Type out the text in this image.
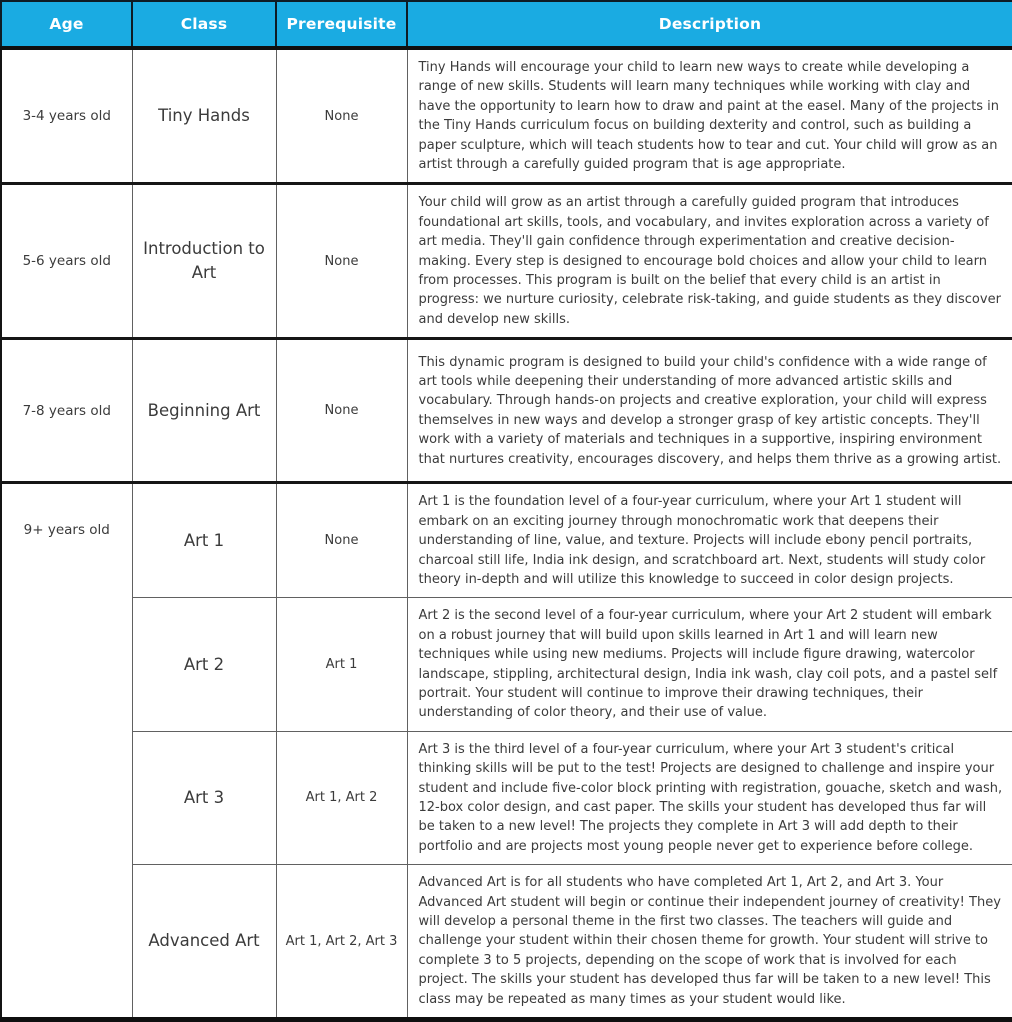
Age	Class	Prerequisite	Description
3-4 years old	Tiny Hands	None	Tiny Hands will encourage your child to learn new ways to create while developing a range of new skills. Students will learn many techniques while working with clay and have the opportunity to learn how to draw and paint at the easel. Many of the projects in the Tiny Hands curriculum focus on building dexterity and control, such as building a paper sculpture, which will teach students how to tear and cut. Your child will grow as an artist through a carefully guided program that is age appropriate.
5-6 years old	Introduction to Art	None	Your child will grow as an artist through a carefully guided program that introduces foundational art skills, tools, and vocabulary, and invites exploration across a variety of art media. They'll gain confidence through experimentation and creative decision-making. Every step is designed to encourage bold choices and allow your child to learn from processes. This program is built on the belief that every child is an artist in progress: we nurture curiosity, celebrate risk-taking, and guide students as they discover and develop new skills.
7-8 years old	Beginning Art	None	This dynamic program is designed to build your child's confidence with a wide range of art tools while deepening their understanding of more advanced artistic skills and vocabulary. Through hands-on projects and creative exploration, your child will express themselves in new ways and develop a stronger grasp of key artistic concepts. They'll work with a variety of materials and techniques in a supportive, inspiring environment that nurtures creativity, encourages discovery, and helps them thrive as a growing artist.
9+ years old	Art 1	None	Art 1 is the foundation level of a four-year curriculum, where your Art 1 student will embark on an exciting journey through monochromatic work that deepens their understanding of line, value, and texture. Projects will include ebony pencil portraits, charcoal still life, India ink design, and scratchboard art. Next, students will study color theory in-depth and will utilize this knowledge to succeed in color design projects.
	Art 2	Art 1	Art 2 is the second level of a four-year curriculum, where your Art 2 student will embark on a robust journey that will build upon skills learned in Art 1 and will learn new techniques while using new mediums. Projects will include figure drawing, watercolor landscape, stippling, architectural design, India ink wash, clay coil pots, and a pastel self portrait. Your student will continue to improve their drawing techniques, their understanding of color theory, and their use of value.
	Art 3	Art 1, Art 2	Art 3 is the third level of a four-year curriculum, where your Art 3 student's critical thinking skills will be put to the test! Projects are designed to challenge and inspire your student and include five-color block printing with registration, gouache, sketch and wash, 12-box color design, and cast paper. The skills your student has developed thus far will be taken to a new level! The projects they complete in Art 3 will add depth to their portfolio and are projects most young people never get to experience before college.
	Advanced Art	Art 1, Art 2, Art 3	Advanced Art is for all students who have completed Art 1, Art 2, and Art 3. Your Advanced Art student will begin or continue their independent journey of creativity! They will develop a personal theme in the first two classes. The teachers will guide and challenge your student within their chosen theme for growth. Your student will strive to complete 3 to 5 projects, depending on the scope of work that is involved for each project. The skills your student has developed thus far will be taken to a new level! This class may be repeated as many times as your student would like.
